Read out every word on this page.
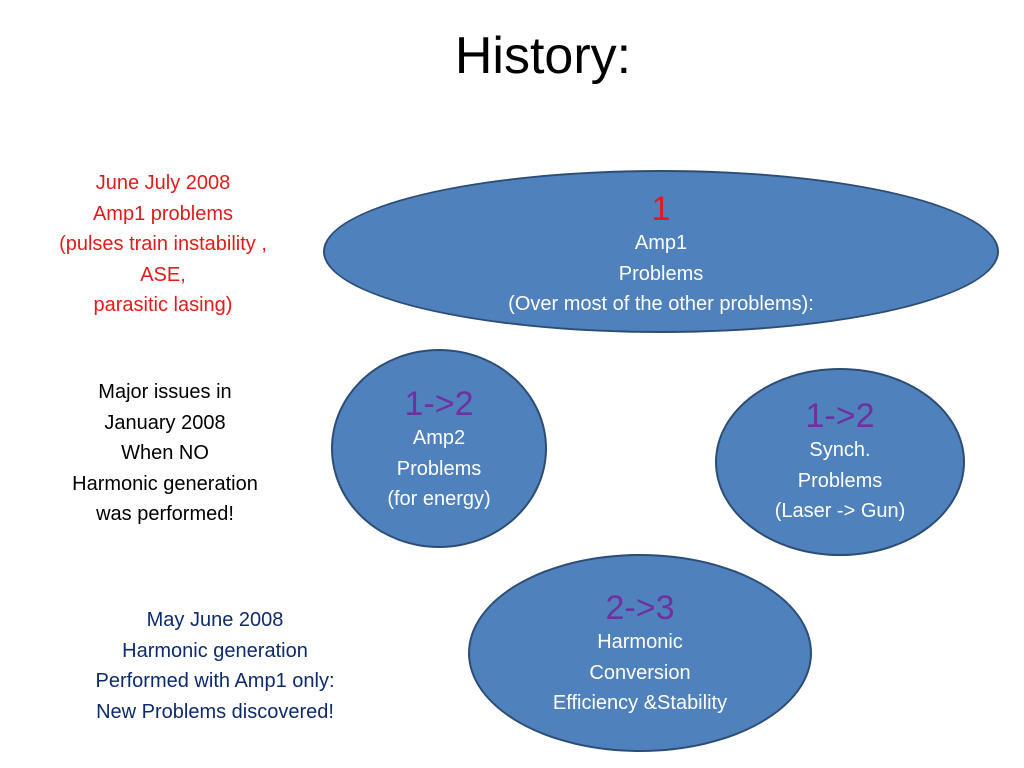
History:
June July 2008
Amp1 problems
(pulses train instability ,
ASE,
parasitic lasing)
Major issues in
January 2008
When NO
Harmonic generation
was performed!
May June 2008
Harmonic generation
Performed with Amp1 only:
New Problems discovered!
1
Amp1
Problems
(Over most of the other problems):
1->2
Amp2
Problems
(for energy)
1->2
Synch.
Problems
(Laser -> Gun)
2->3
Harmonic
Conversion
Efficiency &Stability
